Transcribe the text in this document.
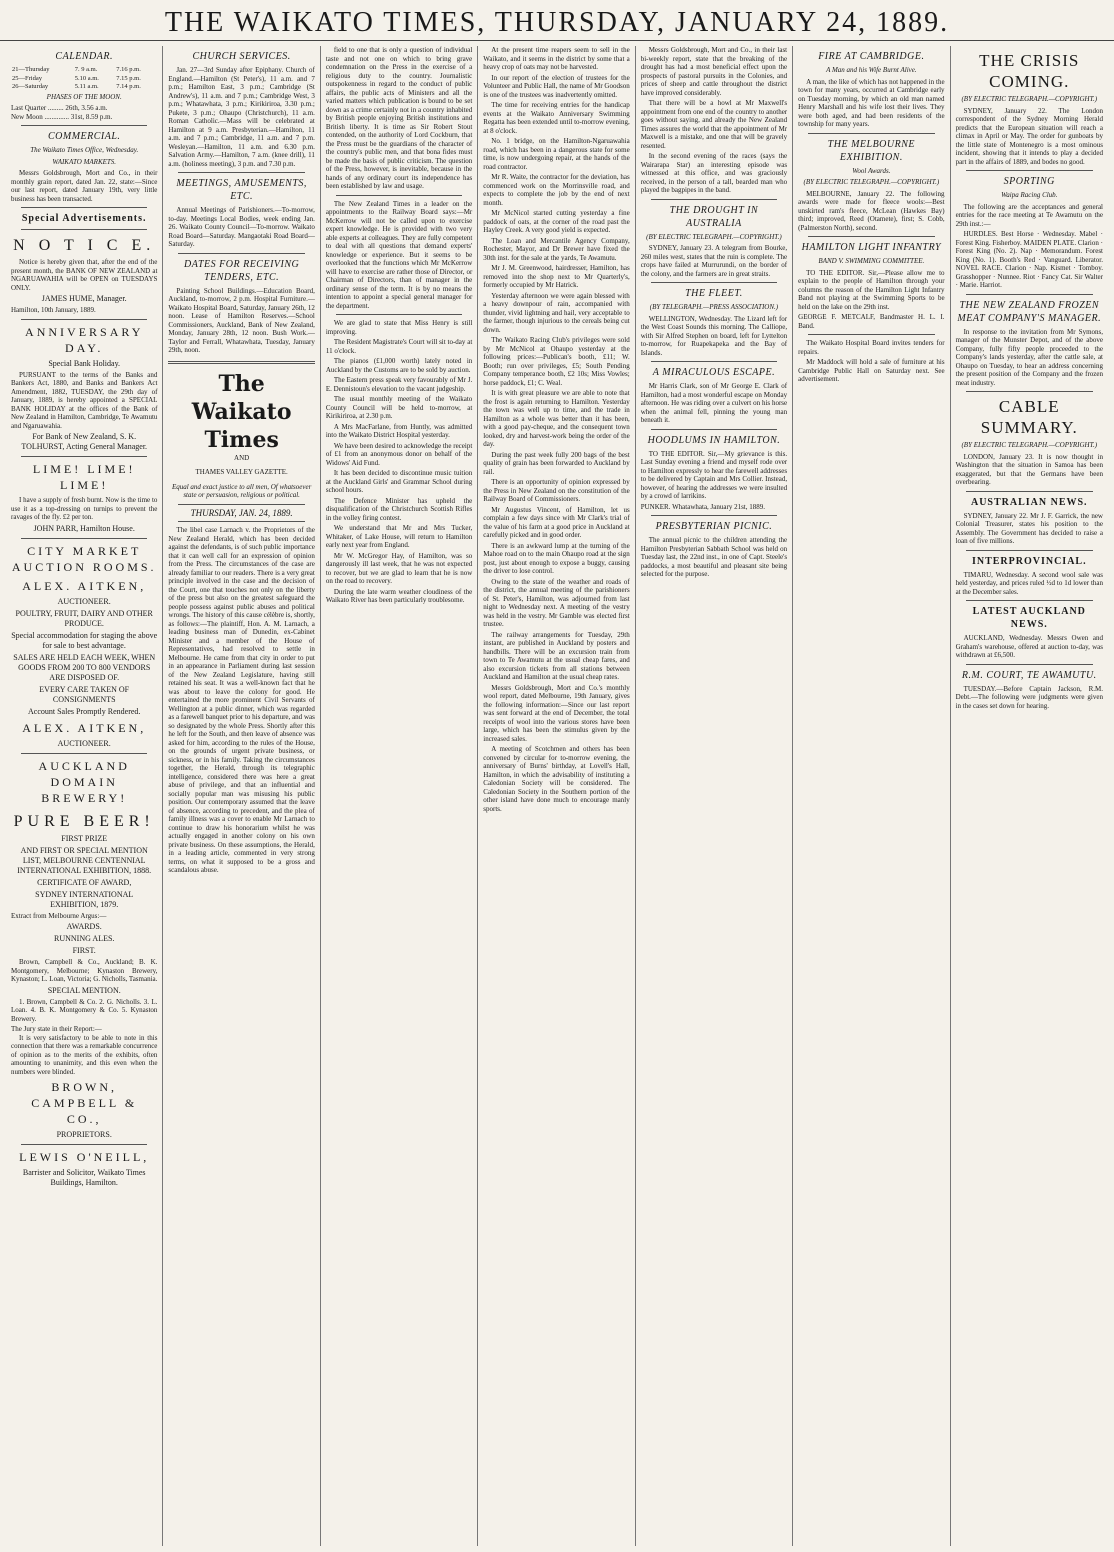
THE WAIKATO TIMES, THURSDAY, JANUARY 24, 1889.
CALENDAR.
21—Thursday	7. 9 a.m.	7.16 p.m.
25—Friday	5.10 a.m.	7.15 p.m.
26—Saturday	5.11 a.m.	7.14 p.m.
PHASES OF THE MOON.
Last Quarter ......... 26th, 3.56 a.m.
New Moon .............. 31st, 8.59 p.m.
COMMERCIAL.
The Waikato Times Office, Wednesday.
WAIKATO MARKETS.

Messrs Goldsbrough, Mort and Co., in their monthly grain report, dated Jan. 22, state:—Since our last report, dated January 19th, very little business has been transacted.

Special Advertisements.
N O T I C E.

Notice is hereby given that, after the end of the present month, the BANK OF NEW ZEALAND at NGARUAWAHIA will be OPEN on TUESDAYS ONLY.

JAMES HUME, Manager.
Hamilton, 10th January, 1889.
ANNIVERSARY DAY.
Special Bank Holiday.

PURSUANT to the terms of the Banks and Bankers Act, 1880, and Banks and Bankers Act Amendment, 1882, TUESDAY, the 29th day of January, 1889, is hereby appointed a SPECIAL BANK HOLIDAY at the offices of the Bank of New Zealand in Hamilton, Cambridge, Te Awamutu and Ngaruawahia.

For Bank of New Zealand, S. K. TOLHURST, Acting General Manager.
LIME! LIME! LIME!

I have a supply of fresh burnt. Now is the time to use it as a top-dressing on turnips to prevent the ravages of the fly. £2 per ton.

JOHN PARR, Hamilton House.
CITY MARKET AUCTION ROOMS.
ALEX. AITKEN,
AUCTIONEER.
POULTRY, FRUIT, DAIRY AND OTHER PRODUCE.
Special accommodation for staging the above for sale to best advantage.
SALES ARE HELD EACH WEEK, WHEN GOODS FROM 200 TO 800 VENDORS ARE DISPOSED OF.
EVERY CARE TAKEN OF CONSIGNMENTS
Account Sales Promptly Rendered.
ALEX. AITKEN,
AUCTIONEER.
AUCKLAND DOMAIN BREWERY!
PURE BEER!
FIRST PRIZE
AND FIRST OR SPECIAL MENTION LIST, MELBOURNE CENTENNIAL INTERNATIONAL EXHIBITION, 1888.
CERTIFICATE OF AWARD,
SYDNEY INTERNATIONAL EXHIBITION, 1879.
Extract from Melbourne Argus:—
AWARDS.
RUNNING ALES.
FIRST.

Brown, Campbell & Co., Auckland; B. K. Montgomery, Melbourne; Kynaston Brewery, Kynaston; L. Loan, Victoria; G. Nicholls, Tasmania.

SPECIAL MENTION.

1. Brown, Campbell & Co. 2. G. Nicholls. 3. L. Loan. 4. B. K. Montgomery & Co. 5. Kynaston Brewery.

The Jury state in their Report:—

It is very satisfactory to be able to note in this connection that there was a remarkable concurrence of opinion as to the merits of the exhibits, often amounting to unanimity, and this even when the numbers were blinded.

BROWN, CAMPBELL & CO.,
PROPRIETORS.
LEWIS O'NEILL,
Barrister and Solicitor, Waikato Times Buildings, Hamilton.
CHURCH SERVICES.

Jan. 27—3rd Sunday after Epiphany. Church of England.—Hamilton (St Peter's), 11 a.m. and 7 p.m.; Hamilton East, 3 p.m.; Cambridge (St Andrew's), 11 a.m. and 7 p.m.; Cambridge West, 3 p.m.; Whatawhata, 3 p.m.; Kirikiriroa, 3.30 p.m.; Pukete, 3 p.m.; Ohaupo (Christchurch), 11 a.m. Roman Catholic.—Mass will be celebrated at Hamilton at 9 a.m. Presbyterian.—Hamilton, 11 a.m. and 7 p.m.; Cambridge, 11 a.m. and 7 p.m. Wesleyan.—Hamilton, 11 a.m. and 6.30 p.m. Salvation Army.—Hamilton, 7 a.m. (knee drill), 11 a.m. (holiness meeting), 3 p.m. and 7.30 p.m.

MEETINGS, AMUSEMENTS, ETC.

Annual Meetings of Parishioners.—To-morrow, to-day. Meetings Local Bodies, week ending Jan. 26. Waikato County Council—To-morrow. Waikato Road Board—Saturday. Mangaotaki Road Board—Saturday.

DATES FOR RECEIVING TENDERS, ETC.

Painting School Buildings.—Education Board, Auckland, to-morrow, 2 p.m. Hospital Furniture.—Waikato Hospital Board, Saturday, January 26th, 12 noon. Lease of Hamilton Reserves.—School Commissioners, Auckland, Bank of New Zealand, Monday, January 28th, 12 noon. Bush Work.—Taylor and Ferrall, Whatawhata, Tuesday, January 29th, noon.

The Waikato Times
AND
THAMES VALLEY GAZETTE.
Equal and exact justice to all men, Of whatsoever state or persuasion, religious or political.
THURSDAY, JAN. 24, 1889.

The libel case Larnach v. the Proprietors of the New Zealand Herald, which has been decided against the defendants, is of such public importance that it can well call for an expression of opinion from the Press. The circumstances of the case are already familiar to our readers. There is a very great principle involved in the case and the decision of the Court, one that touches not only on the liberty of the press but also on the greatest safeguard the people possess against public abuses and political wrongs. The history of this cause célèbre is, shortly, as follows:—The plaintiff, Hon. A. M. Larnach, a leading business man of Dunedin, ex-Cabinet Minister and a member of the House of Representatives, had resolved to settle in Melbourne. He came from that city in order to put in an appearance in Parliament during last session of the New Zealand Legislature, having still retained his seat. It was a well-known fact that he was about to leave the colony for good. He entertained the more prominent Civil Servants of Wellington at a public dinner, which was regarded as a farewell banquet prior to his departure, and was so designated by the whole Press. Shortly after this he left for the South, and then leave of absence was asked for him, according to the rules of the House, on the grounds of urgent private business, or sickness, or in his family. Taking the circumstances together, the Herald, through its telegraphic intelligence, considered there was here a great abuse of privilege, and that an influential and socially popular man was misusing his public position. Our contemporary assumed that the leave of absence, according to precedent, and the plea of family illness was a cover to enable Mr Larnach to continue to draw his honorarium whilst he was actually engaged in another colony on his own private business. On these assumptions, the Herald, in a leading article, commented in very strong terms, on what it supposed to be a gross and scandalous abuse.

field to one that is only a question of individual taste and not one on which to bring grave condemnation on the Press in the exercise of a religious duty to the country. Journalistic outspokenness in regard to the conduct of public affairs, the public acts of Ministers and all the varied matters which publication is bound to be set down as a crime certainly not in a country inhabited by British people enjoying British institutions and British liberty. It is time as Sir Robert Stout contended, on the authority of Lord Cockburn, that the Press must be the guardians of the character of the country's public men, and that bona fides must be made the basis of public criticism. The question of the Press, however, is inevitable, because in the hands of any ordinary court its independence has been established by law and usage.

The New Zealand Times in a leader on the appointments to the Railway Board says:—Mr McKerrow will not be called upon to exercise expert knowledge. He is provided with two very able experts at colleagues. They are fully competent to deal with all questions that demand experts' knowledge or experience. But it seems to be overlooked that the functions which Mr McKerrow will have to exercise are rather those of Director, or Chairman of Directors, than of manager in the ordinary sense of the term. It is by no means the intention to appoint a special general manager for the department.

We are glad to state that Miss Henry is still improving.

The Resident Magistrate's Court will sit to-day at 11 o'clock.

The pianos (£1,000 worth) lately noted in Auckland by the Customs are to be sold by auction.

The Eastern press speak very favourably of Mr J. E. Dennistoun's elevation to the vacant judgeship.

The usual monthly meeting of the Waikato County Council will be held to-morrow, at Kirikiriroa, at 2.30 p.m.

A Mrs MacFarlane, from Huntly, was admitted into the Waikato District Hospital yesterday.

We have been desired to acknowledge the receipt of £1 from an anonymous donor on behalf of the Widows' Aid Fund.

It has been decided to discontinue music tuition at the Auckland Girls' and Grammar School during school hours.

The Defence Minister has upheld the disqualification of the Christchurch Scottish Rifles in the volley firing contest.

We understand that Mr and Mrs Tucker, Whitaker, of Lake House, will return to Hamilton early next year from England.

Mr W. McGregor Hay, of Hamilton, was so dangerously ill last week, that he was not expected to recover, but we are glad to learn that he is now on the road to recovery.

During the late warm weather cloudiness of the Waikato River has been particularly troublesome.

At the present time reapers seem to sell in the Waikato, and it seems in the district by some that a heavy crop of oats may not be harvested.

In our report of the election of trustees for the Volunteer and Public Hall, the name of Mr Goodson is one of the trustees was inadvertently omitted.

The time for receiving entries for the handicap events at the Waikato Anniversary Swimming Regatta has been extended until to-morrow evening, at 8 o'clock.

No. 1 bridge, on the Hamilton-Ngaruawahia road, which has been in a dangerous state for some time, is now undergoing repair, at the hands of the road contractor.

Mr R. Waite, the contractor for the deviation, has commenced work on the Morrinsville road, and expects to complete the job by the end of next month.

Mr McNicol started cutting yesterday a fine paddock of oats, at the corner of the road past the Hayley Creek. A very good yield is expected.

The Loan and Mercantile Agency Company, Rochester, Mayor, and Dr Brewer have fixed the 30th inst. for the sale at the yards, Te Awamutu.

Mr J. M. Greenwood, hairdresser, Hamilton, has removed into the shop next to Mr Quarterly's, formerly occupied by Mr Hatrick.

Yesterday afternoon we were again blessed with a heavy downpour of rain, accompanied with thunder, vivid lightning and hail, very acceptable to the farmer, though injurious to the cereals being cut down.

The Waikato Racing Club's privileges were sold by Mr McNicol at Ohaupo yesterday at the following prices:—Publican's booth, £11; W. Booth; run over privileges, £5; South Pending Company temperance booth, £2 10s; Miss Vowles; horse paddock, £1; C. Weal.

It is with great pleasure we are able to note that the frost is again returning to Hamilton. Yesterday the town was well up to time, and the trade in Hamilton as a whole was better than it has been, with a good pay-cheque, and the consequent town looked, dry and harvest-work being the order of the day.

During the past week fully 200 bags of the best quality of grain has been forwarded to Auckland by rail.

There is an opportunity of opinion expressed by the Press in New Zealand on the constitution of the Railway Board of Commissioners.

Mr Augustus Vincent, of Hamilton, let us complain a few days since with Mr Clark's trial of the value of his farm at a good price in Auckland at carefully picked and in good order.

There is an awkward lump at the turning of the Mahoe road on to the main Ohaupo road at the sign post, just about enough to expose a buggy, causing the driver to lose control.

Owing to the state of the weather and roads of the district, the annual meeting of the parishioners of St. Peter's, Hamilton, was adjourned from last night to Wednesday next. A meeting of the vestry was held in the vestry. Mr Gamble was elected first trustee.

The railway arrangements for Tuesday, 29th instant, are published in Auckland by posters and handbills. There will be an excursion train from town to Te Awamutu at the usual cheap fares, and also excursion tickets from all stations between Auckland and Hamilton at the usual cheap rates.

Messrs Goldsbrough, Mort and Co.'s monthly wool report, dated Melbourne, 19th January, gives the following information:—Since our last report was sent forward at the end of December, the total receipts of wool into the various stores have been large, which has been the stimulus given by the increased sales.

A meeting of Scotchmen and others has been convened by circular for to-morrow evening, the anniversary of Burns' birthday, at Lovell's Hall, Hamilton, in which the advisability of instituting a Caledonian Society will be considered. The Caledonian Society in the Southern portion of the other island have done much to encourage manly sports.

Messrs Goldsbrough, Mort and Co., in their last bi-weekly report, state that the breaking of the drought has had a most beneficial effect upon the prospects of pastoral pursuits in the Colonies, and prices of sheep and cattle throughout the district have improved considerably.

That there will be a howl at Mr Maxwell's appointment from one end of the country to another goes without saying, and already the New Zealand Times assures the world that the appointment of Mr Maxwell is a mistake, and one that will be gravely resented.

In the second evening of the races (says the Wairarapa Star) an interesting episode was witnessed at this office, and was graciously received, in the person of a tall, bearded man who played the bagpipes in the band.

THE DROUGHT IN AUSTRALIA
(BY ELECTRIC TELEGRAPH.—COPYRIGHT.)

SYDNEY, January 23. A telegram from Bourke, 260 miles west, states that the ruin is complete. The crops have failed at Murrurundi, on the border of the colony, and the farmers are in great straits.

THE FLEET.
(BY TELEGRAPH.—PRESS ASSOCIATION.)

WELLINGTON, Wednesday. The Lizard left for the West Coast Sounds this morning. The Calliope, with Sir Alfred Stephen on board, left for Lyttelton to-morrow, for Ruapekapeka and the Bay of Islands.

A MIRACULOUS ESCAPE.

Mr Harris Clark, son of Mr George E. Clark of Hamilton, had a most wonderful escape on Monday afternoon. He was riding over a culvert on his horse when the animal fell, pinning the young man beneath it.

HOODLUMS IN HAMILTON.

TO THE EDITOR. Sir,—My grievance is this. Last Sunday evening a friend and myself rode over to Hamilton expressly to hear the farewell addresses to be delivered by Captain and Mrs Collier. Instead, however, of hearing the addresses we were insulted by a crowd of larrikins.

PUNKER. Whatawhata, January 21st, 1889.
PRESBYTERIAN PICNIC.

The annual picnic to the children attending the Hamilton Presbyterian Sabbath School was held on Tuesday last, the 22nd inst., in one of Capt. Steele's paddocks, a most beautiful and pleasant site being selected for the purpose.

FIRE AT CAMBRIDGE.
A Man and his Wife Burnt Alive.

A man, the like of which has not happened in the town for many years, occurred at Cambridge early on Tuesday morning, by which an old man named Henry Marshall and his wife lost their lives. They were both aged, and had been residents of the township for many years.

THE MELBOURNE EXHIBITION.
Wool Awards.
(BY ELECTRIC TELEGRAPH.—COPYRIGHT.)

MELBOURNE, January 22. The following awards were made for fleece wools:—Best unskirted ram's fleece, McLean (Hawkes Bay) third; improved, Reed (Otamete), first; S. Cobb, (Palmerston North), second.

HAMILTON LIGHT INFANTRY
BAND V. SWIMMING COMMITTEE.

TO THE EDITOR. Sir,—Please allow me to explain to the people of Hamilton through your columns the reason of the Hamilton Light Infantry Band not playing at the Swimming Sports to be held on the lake on the 29th inst.

GEORGE F. METCALF, Bandmaster H. L. I. Band.

The Waikato Hospital Board invites tenders for repairs.

Mr Maddock will hold a sale of furniture at his Cambridge Public Hall on Saturday next. See advertisement.

THE CRISIS COMING.
(BY ELECTRIC TELEGRAPH.—COPYRIGHT.)

SYDNEY, January 22. The London correspondent of the Sydney Morning Herald predicts that the European situation will reach a climax in April or May. The order for gunboats by the little state of Montenegro is a most ominous incident, showing that it intends to play a decided part in the affairs of 1889, and bodes no good.

SPORTING
Waipa Racing Club.

The following are the acceptances and general entries for the race meeting at Te Awamutu on the 29th inst.:—

HURDLES. Best Horse · Wednesday. Mabel · Forest King. Fisherboy. MAIDEN PLATE. Clarion · Forest King (No. 2). Nap · Memorandum. Forest King (No. 1). Booth's Red · Vanguard. Liberator. NOVEL RACE. Clarion · Nap. Kismet · Tomboy. Grasshopper · Nunnee. Riot · Fancy Cat. Sir Walter · Marie. Harriot.

THE NEW ZEALAND FROZEN MEAT COMPANY'S MANAGER.

In response to the invitation from Mr Symons, manager of the Munster Depot, and of the above Company, fully fifty people proceeded to the Company's lands yesterday, after the cattle sale, at Ohaupo on Tuesday, to hear an address concerning the present position of the Company and the frozen meat industry.

CABLE SUMMARY.
(BY ELECTRIC TELEGRAPH.—COPYRIGHT.)

LONDON, January 23. It is now thought in Washington that the situation in Samoa has been exaggerated, but that the Germans have been overbearing.

AUSTRALIAN NEWS.

SYDNEY, January 22. Mr J. F. Garrick, the new Colonial Treasurer, states his position to the Assembly. The Government has decided to raise a loan of five millions.

INTERPROVINCIAL.

TIMARU, Wednesday. A second wool sale was held yesterday, and prices ruled ½d to 1d lower than at the December sales.

LATEST AUCKLAND NEWS.

AUCKLAND, Wednesday. Messrs Owen and Graham's warehouse, offered at auction to-day, was withdrawn at £6,500.

R.M. COURT, TE AWAMUTU.

TUESDAY.—Before Captain Jackson, R.M. Debt.—The following were judgments were given in the cases set down for hearing.
